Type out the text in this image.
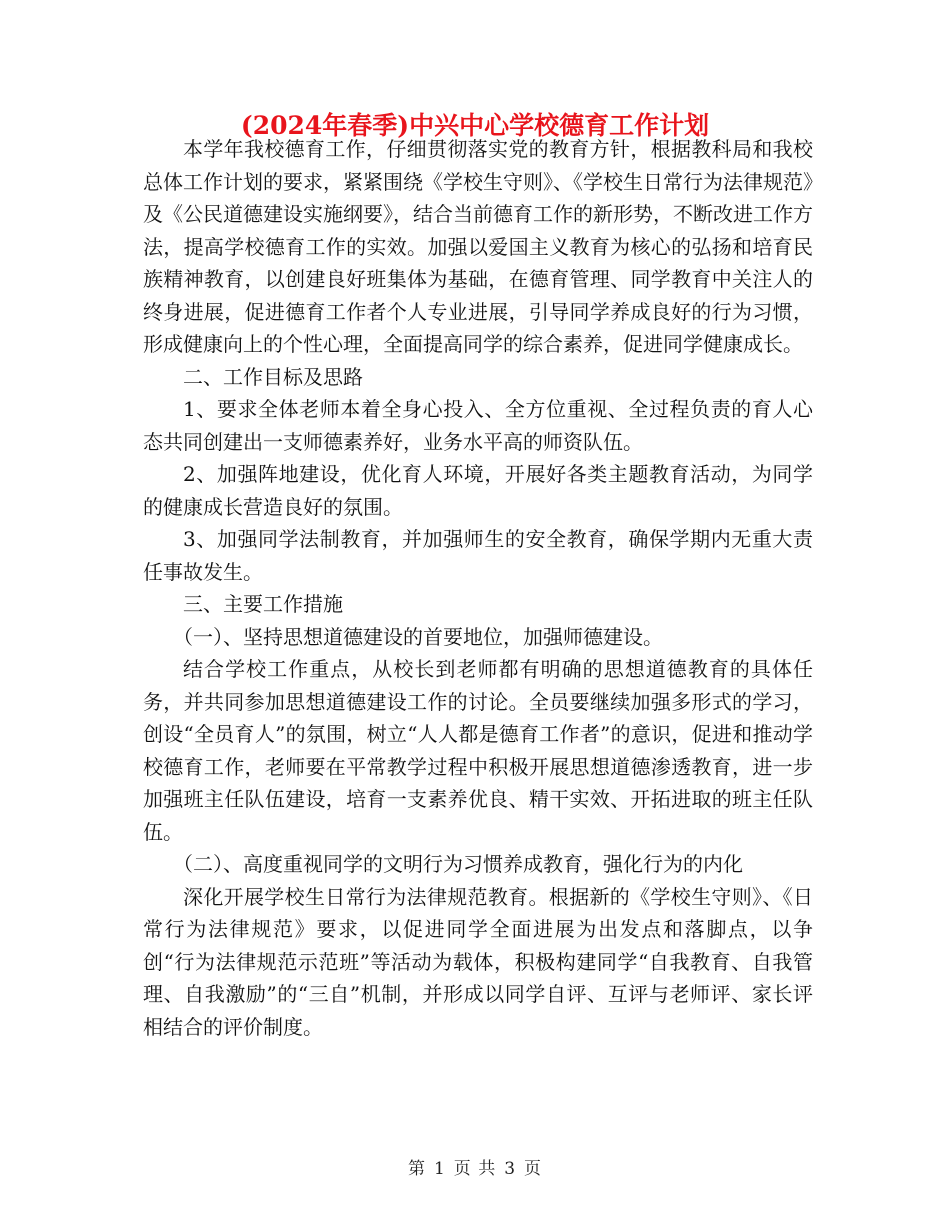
(2024年春季)中兴中心学校德育工作计划

本学年我校德育工作，仔细贯彻落实党的教育方针，根据教科局和我校总体工作计划的要求，紧紧围绕《学校生守则》、《学校生日常行为法律规范》及《公民道德建设实施纲要》，结合当前德育工作的新形势，不断改进工作方法，提高学校德育工作的实效。加强以爱国主义教育为核心的弘扬和培育民族精神教育，以创建良好班集体为基础，在德育管理、同学教育中关注人的终身进展，促进德育工作者个人专业进展，引导同学养成良好的行为习惯，形成健康向上的个性心理，全面提高同学的综合素养，促进同学健康成长。

二、工作目标及思路

1、要求全体老师本着全身心投入、全方位重视、全过程负责的育人心态共同创建出一支师德素养好，业务水平高的师资队伍。

2、加强阵地建设，优化育人环境，开展好各类主题教育活动，为同学的健康成长营造良好的氛围。

3、加强同学法制教育，并加强师生的安全教育，确保学期内无重大责任事故发生。

三、主要工作措施

（一）、坚持思想道德建设的首要地位，加强师德建设。

结合学校工作重点，从校长到老师都有明确的思想道德教育的具体任务，并共同参加思想道德建设工作的讨论。全员要继续加强多形式的学习，创设“全员育人”的氛围，树立“人人都是德育工作者”的意识，促进和推动学校德育工作，老师要在平常教学过程中积极开展思想道德渗透教育，进一步加强班主任队伍建设，培育一支素养优良、精干实效、开拓进取的班主任队伍。

（二）、高度重视同学的文明行为习惯养成教育，强化行为的内化

深化开展学校生日常行为法律规范教育。根据新的《学校生守则》、《日常行为法律规范》要求，以促进同学全面进展为出发点和落脚点，以争创“行为法律规范示范班”等活动为载体，积极构建同学“自我教育、自我管理、自我激励”的“三自”机制，并形成以同学自评、互评与老师评、家长评相结合的评价制度。

第 1 页 共 3 页
